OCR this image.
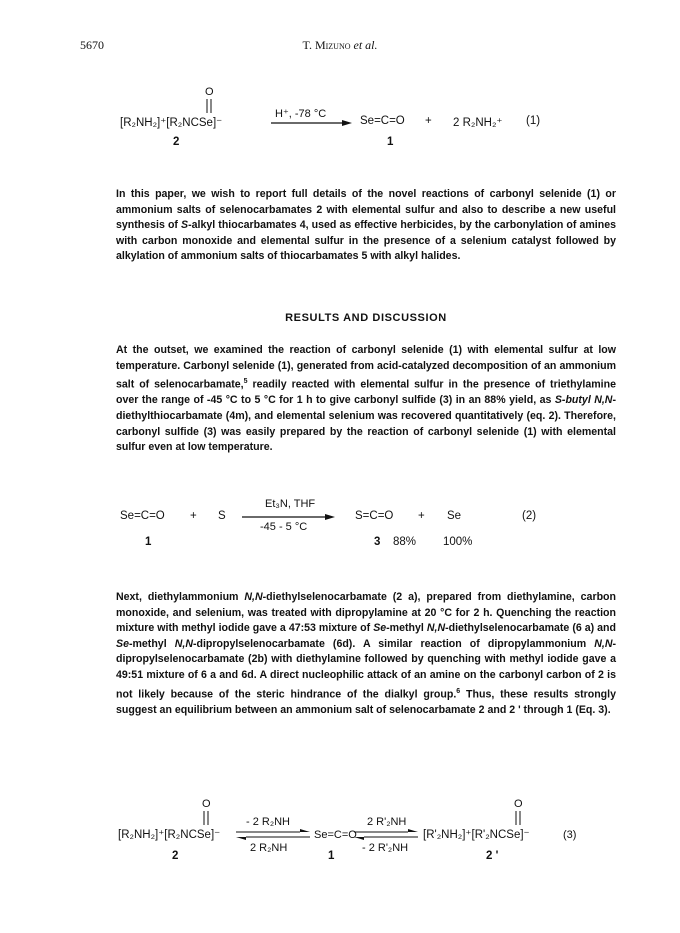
5670	T. Mizuno et al.
O
[R₂NH₂]⁺[R₂NCSe]⁻
H⁺, -78 °C
Se=C=O + 2 R₂NH₂⁺ (1)
2	1
In this paper, we wish to report full details of the novel reactions of carbonyl selenide (1) or ammonium salts of selenocarbamates 2 with elemental sulfur and also to describe a new useful synthesis of S-alkyl thiocarbamates 4, used as effective herbicides, by the carbonylation of amines with carbon monoxide and elemental sulfur in the presence of a selenium catalyst followed by alkylation of ammonium salts of thiocarbamates 5 with alkyl halides.
RESULTS AND DISCUSSION
At the outset, we examined the reaction of carbonyl selenide (1) with elemental sulfur at low temperature. Carbonyl selenide (1), generated from acid-catalyzed decomposition of an ammonium salt of selenocarbamate,$^5$ readily reacted with elemental sulfur in the presence of triethylamine over the range of -45 °C to 5 °C for 1 h to give carbonyl sulfide (3) in an 88% yield, as S-butyl N,N-diethylthiocarbamate (4m), and elemental selenium was recovered quantitatively (eq. 2). Therefore, carbonyl sulfide (3) was easily prepared by the reaction of carbonyl selenide (1) with elemental sulfur even at low temperature.
Se=C=O + S
Et₃N, THF
-45 - 5 °C
S=C=O + Se	(2)
1	3 88% 100%
Next, diethylammonium N,N-diethylselenocarbamate (2 a), prepared from diethylamine, carbon monoxide, and selenium, was treated with dipropylamine at 20 °C for 2 h. Quenching the reaction mixture with methyl iodide gave a 47:53 mixture of Se-methyl N,N-diethylselenocarbamate (6 a) and Se-methyl N,N-dipropylselenocarbamate (6d). A similar reaction of dipropylammonium N,N-dipropylselenocarbamate (2b) with diethylamine followed by quenching with methyl iodide gave a 49:51 mixture of 6 a and 6d. A direct nucleophilic attack of an amine on the carbonyl carbon of 2 is not likely because of the steric hindrance of the dialkyl group.$^6$ Thus, these results strongly suggest an equilibrium between an ammonium salt of selenocarbamate 2 and 2 ' through 1 (Eq. 3).
O	O
[R₂NH₂]⁺[R₂NCSe]⁻
- 2 R₂NH
2 R₂NH
Se=C=O
2 R'₂NH
- 2 R'₂NH
[R'₂NH₂]⁺[R'₂NCSe]⁻	(3)
2	1	2 '
